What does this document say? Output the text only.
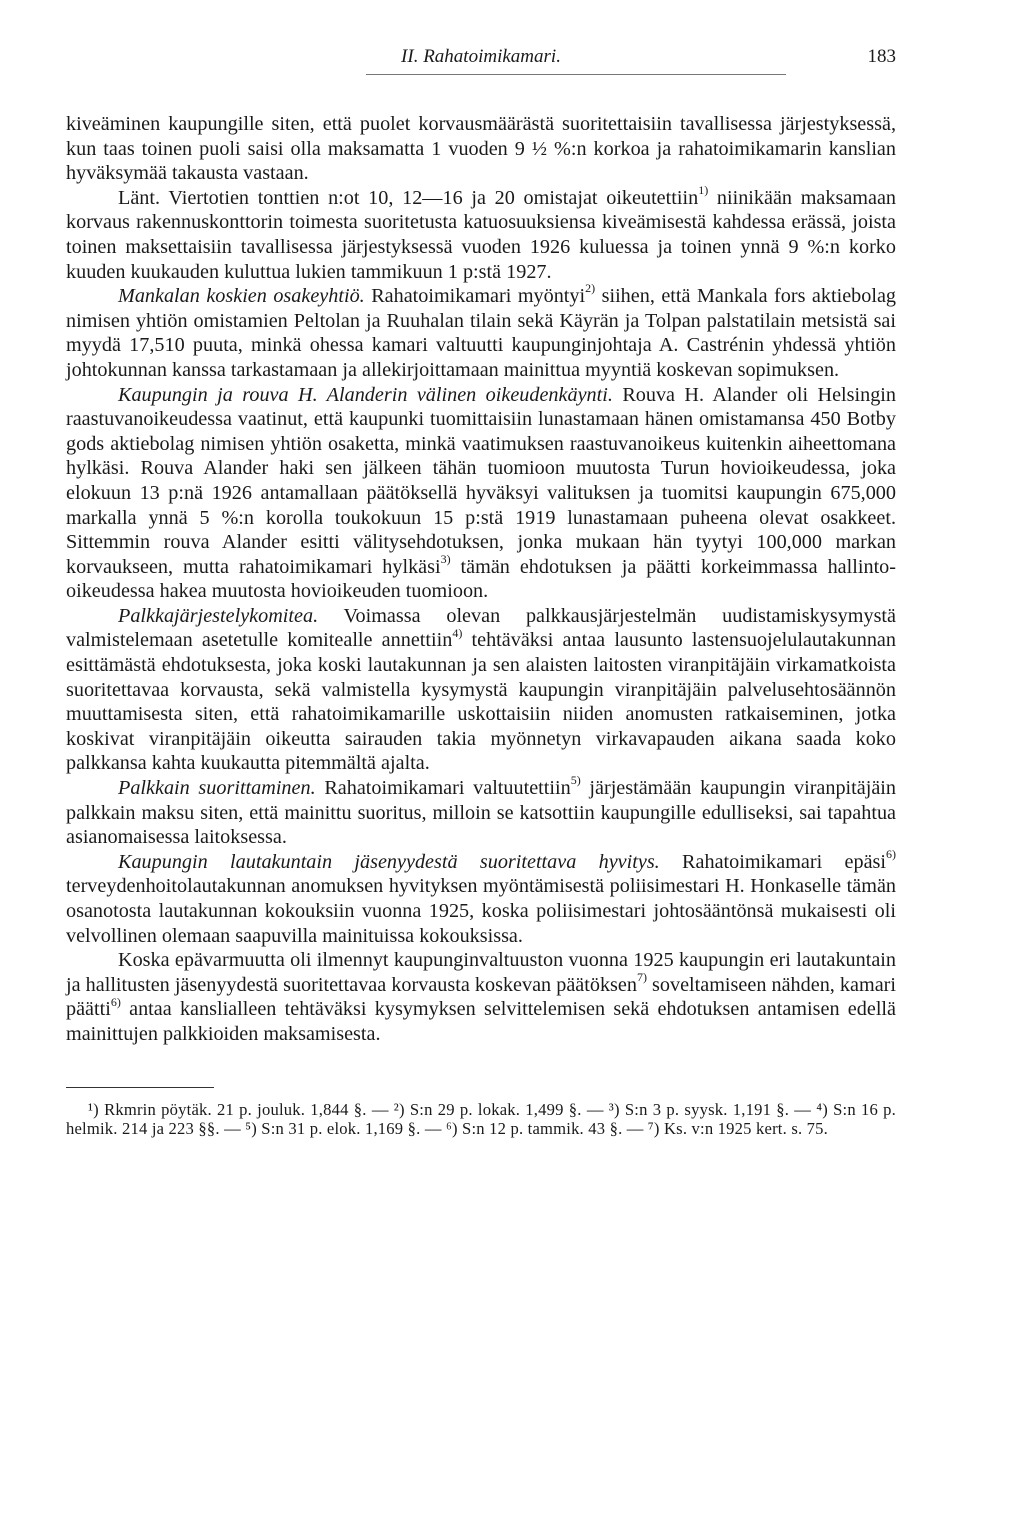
II. Rahatoimikamari.	183

kiveäminen kaupungille siten, että puolet korvausmäärästä suoritettaisiin tavallisessa järjestyksessä, kun taas toinen puoli saisi olla maksamatta 1 vuoden 9 ½ %:n korkoa ja rahatoimikamarin kanslian hyväksymää takausta vastaan.

Länt. Viertotien tonttien n:ot 10, 12—16 ja 20 omistajat oikeutettiin$^{1)}$ niinikään maksamaan korvaus rakennuskonttorin toimesta suoritetusta katuosuuksiensa kiveämisestä kahdessa erässä, joista toinen maksettaisiin tavallisessa järjestyksessä vuoden 1926 kuluessa ja toinen ynnä 9 %:n korko kuuden kuukauden kuluttua lukien tammikuun 1 p:stä 1927.

Mankalan koskien osakeyhtiö. Rahatoimikamari myöntyi$^{2)}$ siihen, että Mankala fors aktiebolag nimisen yhtiön omistamien Peltolan ja Ruuhalan tilain sekä Käyrän ja Tolpan palstatilain metsistä sai myydä 17,510 puuta, minkä ohessa kamari valtuutti kaupunginjohtaja A. Castrénin yhdessä yhtiön johtokunnan kanssa tarkastamaan ja allekirjoittamaan mainittua myyntiä koskevan sopimuksen.

Kaupungin ja rouva H. Alanderin välinen oikeudenkäynti. Rouva H. Alander oli Helsingin raastuvanoikeudessa vaatinut, että kaupunki tuomittaisiin lunastamaan hänen omistamansa 450 Botby gods aktiebolag nimisen yhtiön osaketta, minkä vaatimuksen raastuvanoikeus kuitenkin aiheettomana hylkäsi. Rouva Alander haki sen jälkeen tähän tuomioon muutosta Turun hovioikeudessa, joka elokuun 13 p:nä 1926 antamallaan päätöksellä hyväksyi valituksen ja tuomitsi kaupungin 675,000 markalla ynnä 5 %:n korolla toukokuun 15 p:stä 1919 lunastamaan puheena olevat osakkeet. Sittemmin rouva Alander esitti välitysehdotuksen, jonka mukaan hän tyytyi 100,000 markan korvaukseen, mutta rahatoimikamari hylkäsi$^{3)}$ tämän ehdotuksen ja päätti korkeimmassa hallinto-oikeudessa hakea muutosta hovioikeuden tuomioon.

Palkkajärjestelykomitea. Voimassa olevan palkkausjärjestelmän uudistamiskysymystä valmistelemaan asetetulle komitealle annettiin$^{4)}$ tehtäväksi antaa lausunto lastensuojelulautakunnan esittämästä ehdotuksesta, joka koski lautakunnan ja sen alaisten laitosten viranpitäjäin virkamatkoista suoritettavaa korvausta, sekä valmistella kysymystä kaupungin viranpitäjäin palvelusehtosäännön muuttamisesta siten, että rahatoimikamarille uskottaisiin niiden anomusten ratkaiseminen, jotka koskivat viranpitäjäin oikeutta sairauden takia myönnetyn virkavapauden aikana saada koko palkkansa kahta kuukautta pitemmältä ajalta.

Palkkain suorittaminen. Rahatoimikamari valtuutettiin$^{5)}$ järjestämään kaupungin viranpitäjäin palkkain maksu siten, että mainittu suoritus, milloin se katsottiin kaupungille edulliseksi, sai tapahtua asianomaisessa laitoksessa.

Kaupungin lautakuntain jäsenyydestä suoritettava hyvitys. Rahatoimikamari epäsi$^{6)}$ terveydenhoitolautakunnan anomuksen hyvityksen myöntämisestä poliisimestari H. Honkaselle tämän osanotosta lautakunnan kokouksiin vuonna 1925, koska poliisimestari johtosääntönsä mukaisesti oli velvollinen olemaan saapuvilla mainituissa kokouksissa.

Koska epävarmuutta oli ilmennyt kaupunginvaltuuston vuonna 1925 kaupungin eri lautakuntain ja hallitusten jäsenyydestä suoritettavaa korvausta koskevan päätöksen$^{7)}$ soveltamiseen nähden, kamari päätti$^{6)}$ antaa kanslialleen tehtäväksi kysymyksen selvittelemisen sekä ehdotuksen antamisen edellä mainittujen palkkioiden maksamisesta.

¹) Rkmrin pöytäk. 21 p. jouluk. 1,844 §. — ²) S:n 29 p. lokak. 1,499 §. — ³) S:n 3 p. syysk. 1,191 §. — ⁴) S:n 16 p. helmik. 214 ja 223 §§. — ⁵) S:n 31 p. elok. 1,169 §. — ⁶) S:n 12 p. tammik. 43 §. — ⁷) Ks. v:n 1925 kert. s. 75.
